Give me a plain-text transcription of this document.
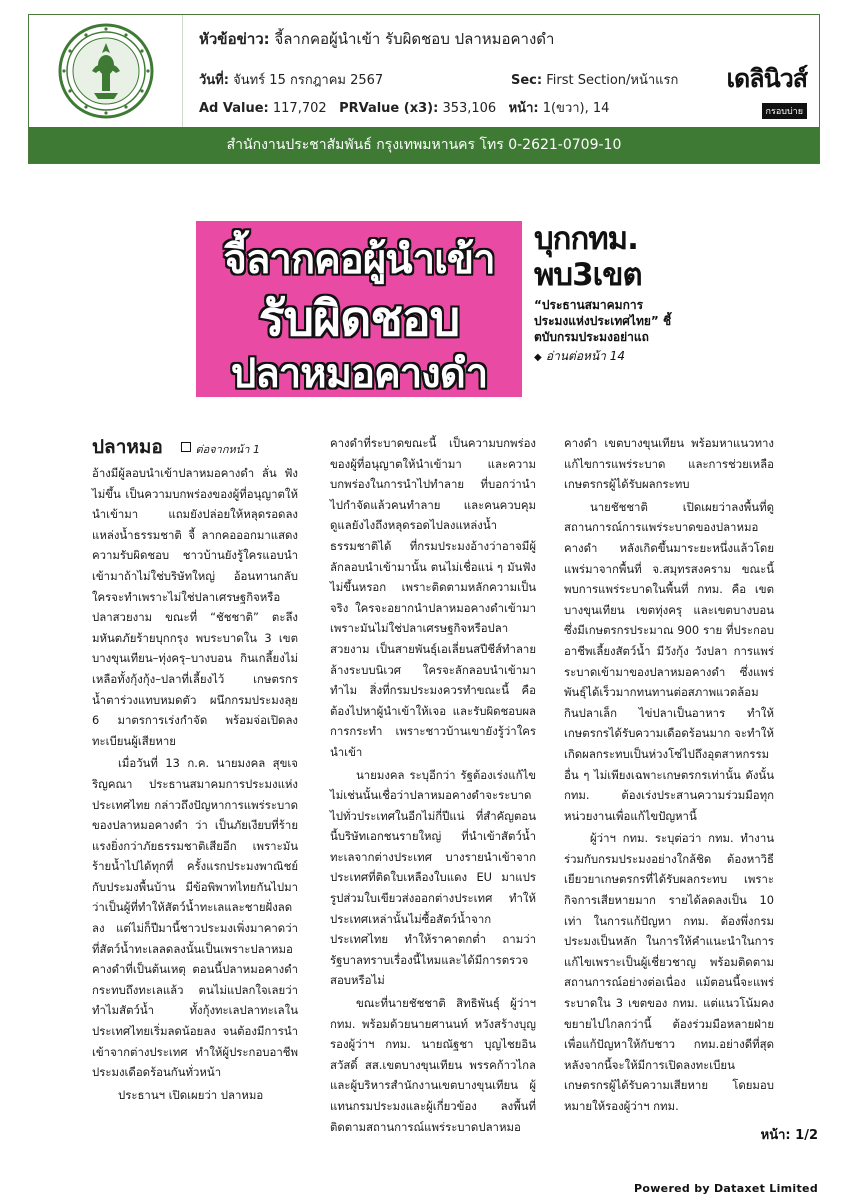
หัวข้อข่าว: จี้ลากคอผู้นำเข้า รับผิดชอบ ปลาหมอคางดำ
วันที่: จันทร์ 15 กรกฎาคม 2567	Sec: First Section/หน้าแรก
Ad Value: 117,702 PRValue (x3): 353,106 หน้า: 1(ขวา), 14
เดลินิวส์
กรอบบ่าย
สำนักงานประชาสัมพันธ์ กรุงเทพมหานคร โทร 0-2621-0709-10
จี้ลากคอผู้นำเข้า
รับผิดชอบ
ปลาหมอคางดำ
บุกกทม.
พบ3เขต
“ประธานสมาคมการประมงแห่งประเทศไทย” ชี้ตบับกรมประมงอย่าแถ
◆ อ่านต่อหน้า 14
ปลาหมอ	ต่อจากหน้า 1

อ้างมีผู้ลอบนำเข้าปลาหมอคางดำ ลั่น ฟังไม่ขึ้น เป็นความบกพร่องของผู้ที่อนุญาตให้นำเข้ามา แถมยังปล่อยให้หลุดรอดลงแหล่งน้ำธรรมชาติ จี้ ลากคอออกมาแสดงความรับผิดชอบ ชาวบ้านยังรู้ใครแอบนำเข้ามาถ้าไม่ใช่บริษัทใหญ่ อ้อนทานกลับใครจะทำเพราะไม่ใช่ปลาเศรษฐกิจหรือปลาสวยงาม ขณะที่ “ชัชชาติ” ตะลึงมหันตภัยร้ายบุกกรุง พบระบาดใน 3 เขตบางขุนเทียน–ทุ่งครุ–บางบอน กินเกลี้ยงไม่เหลือทั้งกุ้งกุ้ง–ปลาที่เลี้ยงไว้ เกษตรกรน้ำตาร่วงแทบหมดตัว ผนึกกรมประมงลุย 6 มาตรการเร่งกำจัด พร้อมจ่อเปิดลงทะเบียนผู้เสียหาย

เมื่อวันที่ 13 ก.ค. นายมงคล สุขเจริญคณา ประธานสมาคมการประมงแห่งประเทศไทย กล่าวถึงปัญหาการแพร่ระบาดของปลาหมอคางดำ ว่า เป็นภัยเงียบที่ร้ายแรงยิ่งกว่าภัยธรรมชาติเสียอีก เพราะมันร้ายน้ำไปได้ทุกที่ ครั้งแรกประมงพาณิชย์กับประมงพื้นบ้าน มีข้อพิพาทไทยกันไปมาว่าเป็นผู้ที่ทำให้สัตว์น้ำทะเลและชายฝั่งลดลง แต่ไม่ก็ปีมานี้ชาวประมงเพิ่งมาคาดว่า ที่สัตว์น้ำทะเลลดลงนั้นเป็นเพราะปลาหมอคางดำที่เป็นต้นเหตุ ตอนนี้ปลาหมอคางดำกระทบถึงทะเลแล้ว ตนไม่แปลกใจเลยว่าทำไมสัตว์น้ำ ทั้งกุ้งทะเลปลาทะเลในประเทศไทยเริ่มลดน้อยลง จนต้องมีการนำเข้าจากต่างประเทศ ทำให้ผู้ประกอบอาชีพประมงเดือดร้อนกันทั่วหน้า

ประธานฯ เปิดเผยว่า ปลาหมอ

คางดำที่ระบาดขณะนี้ เป็นความบกพร่องของผู้ที่อนุญาตให้นำเข้ามา และความบกพร่องในการนำไปทำลาย ที่บอกว่านำไปกำจัดแล้วคนทำลาย และคนควบคุมดูแลยังไงถึงหลุดรอดไปลงแหล่งน้ำธรรมชาติได้ ที่กรมประมงอ้างว่าอาจมีผู้ลักลอบนำเข้ามานั้น ตนไม่เชื่อแน่ ๆ มันฟังไม่ขึ้นหรอก เพราะติดตามหลักความเป็นจริง ใครจะอยากนำปลาหมอคางดำเข้ามา เพราะมันไม่ใช่ปลาเศรษฐกิจหรือปลาสวยงาม เป็นสายพันธุ์เอเลี่ยนสปีชีส์ทำลายล้างระบบนิเวศ ใครจะลักลอบนำเข้ามาทำไม สิ่งที่กรมประมงควรทำขณะนี้ คือต้องไปหาผู้นำเข้าให้เจอ และรับผิดชอบผลการกระทำ เพราะชาวบ้านเขายังรู้ว่าใครนำเข้า

นายมงคล ระบุอีกว่า รัฐต้องเร่งแก้ไขไม่เช่นนั้นเชื่อว่าปลาหมอคางดำจะระบาดไปทั่วประเทศในอีกไม่กี่ปีแน่ ที่สำคัญตอนนี้บริษัทเอกชนรายใหญ่ ที่นำเข้าสัตว์น้ำทะเลจากต่างประเทศ บางรายนำเข้าจากประเทศที่ติดใบเหลืองใบแดง EU มาแปรรูปส่วมใบเขียวส่งออกต่างประเทศ ทำให้ประเทศเหล่านั้นไม่ซื้อสัตว์น้ำจากประเทศไทย ทำให้ราคาตกต่ำ ถามว่ารัฐบาลทราบเรื่องนี้ไหมและได้มีการตรวจสอบหรือไม่

ขณะที่นายชัชชาติ สิทธิพันธุ์ ผู้ว่าฯ กทม. พร้อมด้วยนายศานนท์ หวังสร้างบุญ รองผู้ว่าฯ กทม. นายณัฐชา บุญไชยอินสวัสดิ์ สส.เขตบางขุนเทียน พรรคก้าวไกล และผู้บริหารสำนักงานเขตบางขุนเทียน ผู้แทนกรมประมงและผู้เกี่ยวข้อง ลงพื้นที่ติดตามสถานการณ์แพร่ระบาดปลาหมอ

คางดำ เขตบางขุนเทียน พร้อมหาแนวทางแก้ไขการแพร่ระบาด และการช่วยเหลือเกษตรกรผู้ได้รับผลกระทบ

นายชัชชาติ เปิดเผยว่าลงพื้นที่ดูสถานการณ์การแพร่ระบาดของปลาหมอคางดำ หลังเกิดขึ้นมาระยะหนึ่งแล้วโดยแพร่มาจากพื้นที่ จ.สมุทรสงคราม ขณะนี้พบการแพร่ระบาดในพื้นที่ กทม. คือ เขตบางขุนเทียน เขตทุ่งครุ และเขตบางบอน ซึ่งมีเกษตรกรประมาณ 900 ราย ที่ประกอบอาชีพเลี้ยงสัตว์น้ำ มีวังกุ้ง วังปลา การแพร่ระบาดเข้ามาของปลาหมอคางดำ ซึ่งแพร่พันธุ์ได้เร็วมากทนทานต่อสภาพแวดล้อม กินปลาเล็ก ไข่ปลาเป็นอาหาร ทำให้เกษตรกรได้รับความเดือดร้อนมาก จะทำให้เกิดผลกระทบเป็นห่วงโซ่ไปถึงอุตสาหกรรมอื่น ๆ ไม่เพียงเฉพาะเกษตรกรเท่านั้น ดังนั้น กทม. ต้องเร่งประสานความร่วมมือทุกหน่วยงานเพื่อแก้ไขปัญหานี้

ผู้ว่าฯ กทม. ระบุต่อว่า กทม. ทำงานร่วมกับกรมประมงอย่างใกล้ชิด ต้องหาวิธีเยียวยาเกษตรกรที่ได้รับผลกระทบ เพราะกิจการเสียหายมาก รายได้ลดลงเป็น 10 เท่า ในการแก้ปัญหา กทม. ต้องพึ่งกรมประมงเป็นหลัก ในการให้คำแนะนำในการแก้ไขเพราะเป็นผู้เชี่ยวชาญ พร้อมติดตามสถานการณ์อย่างต่อเนื่อง แม้ตอนนี้จะแพร่ระบาดใน 3 เขตของ กทม. แต่แนวโน้มคงขยายไปไกลกว่านี้ ต้องร่วมมือหลายฝ่ายเพื่อแก้ปัญหาให้กับชาว กทม.อย่างดีที่สุด หลังจากนี้จะให้มีการเปิดลงทะเบียนเกษตรกรผู้ได้รับความเสียหาย โดยมอบหมายให้รองผู้ว่าฯ กทม.

หน้า: 1/2
Powered by Dataxet Limited
